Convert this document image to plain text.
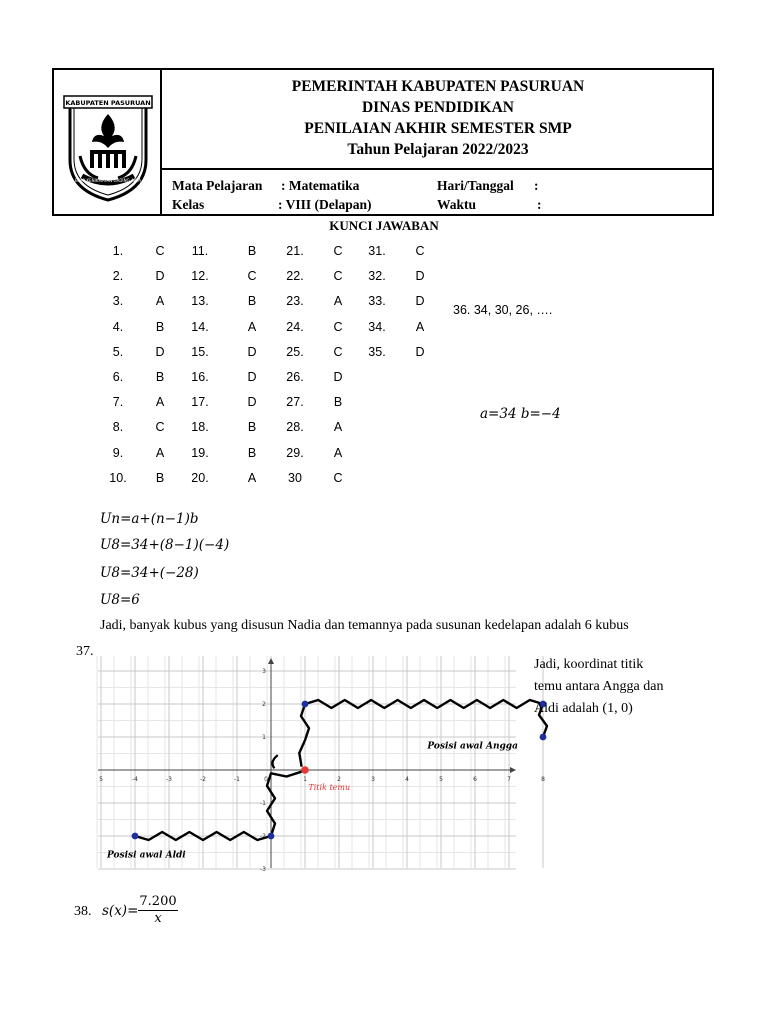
KABUPATEN PASURUAN
BUMI KENIKMATAN GADING ARTA
PEMERINTAH KABUPATEN PASURUAN
DINAS PENDIDIKAN
PENILAIAN AKHIR SEMESTER SMP
Tahun Pelajaran 2022/2023
Mata Pelajaran : Matematika
Kelas	: VIII (Delapan)
Hari/Tanggal :
Waktu	:
KUNCI JAWABAN
1.	C	11.	B	21.	C	31.	C
2.	D	12.	C	22.	C	32.	D
3.	A	13.	B	23.	A	33.	D
4.	B	14.	A	24.	C	34.	A
5.	D	15.	D	25.	C	35.	D
6.	B	16.	D	26.	D
7.	A	17.	D	27.	B
8.	C	18.	B	28.	A
9.	A	19.	B	29.	A
10.	B	20.	A	30	C
36. 34, 30, 26, ….
a=34 b=−4
Un=a+(n−1)b
U8=34+(8−1)(−4)
U8=34+(−28)
U8=6
Jadi, banyak kubus yang disusun Nadia dan temannya pada susunan kedelapan adalah 6 kubus
37.
5	-4	-3	-2	-1	0	1	2	3	4	5	6	7	8
3
2
1
-1
-2
-3
Posisi awal Aldi
Posisi awal Angga
Titik temu
Jadi, koordinat titik
temu antara Angga dan
Aldi adalah (1, 0)
38. $s(x)= \frac{7.200}{x}$
